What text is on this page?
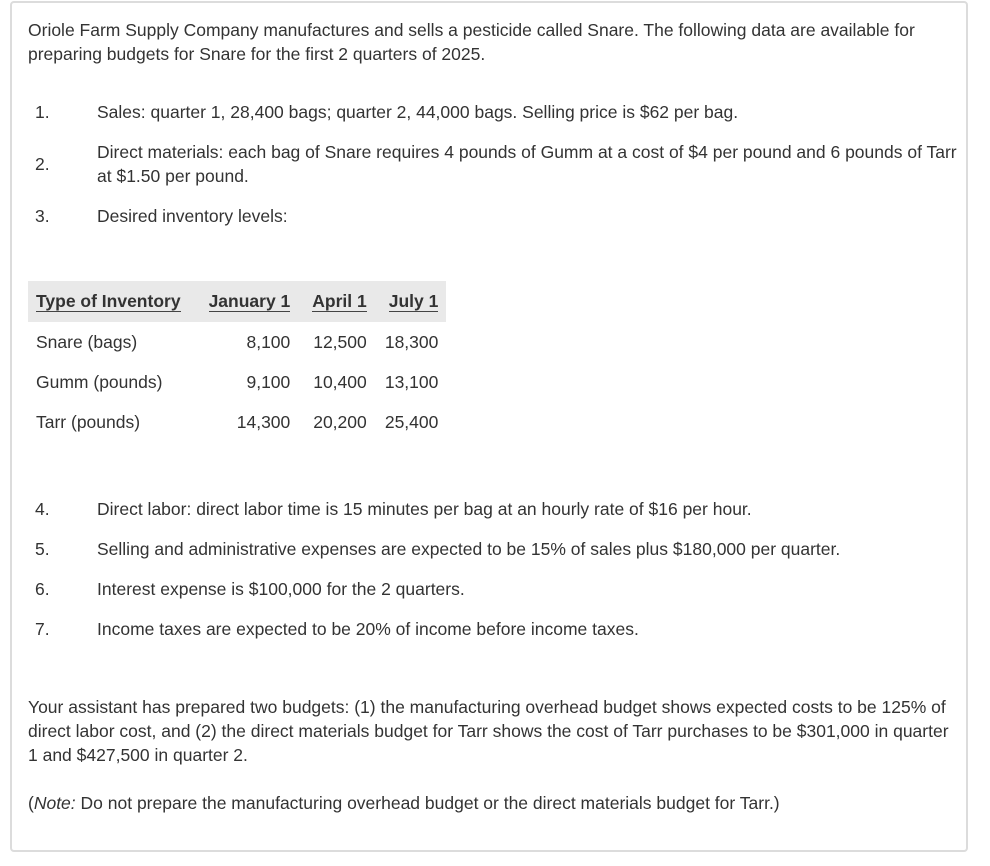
Oriole Farm Supply Company manufactures and sells a pesticide called Snare. The following data are available for preparing budgets for Snare for the first 2 quarters of 2025.
1.	Sales: quarter 1, 28,400 bags; quarter 2, 44,000 bags. Selling price is $62 per bag.
2.
Direct materials: each bag of Snare requires 4 pounds of Gumm at a cost of $4 per pound and 6 pounds of Tarr at $1.50 per pound.
3.	Desired inventory levels:
Type of Inventory	January 1	April 1	July 1
Snare (bags)	8,100	12,500	18,300
Gumm (pounds)	9,100	10,400	13,100
Tarr (pounds)	14,300	20,200	25,400
4.	Direct labor: direct labor time is 15 minutes per bag at an hourly rate of $16 per hour.
5.	Selling and administrative expenses are expected to be 15% of sales plus $180,000 per quarter.
6.	Interest expense is $100,000 for the 2 quarters.
7.	Income taxes are expected to be 20% of income before income taxes.
Your assistant has prepared two budgets: (1) the manufacturing overhead budget shows expected costs to be 125% of direct labor cost, and (2) the direct materials budget for Tarr shows the cost of Tarr purchases to be $301,000 in quarter 1 and $427,500 in quarter 2.
(Note: Do not prepare the manufacturing overhead budget or the direct materials budget for Tarr.)
